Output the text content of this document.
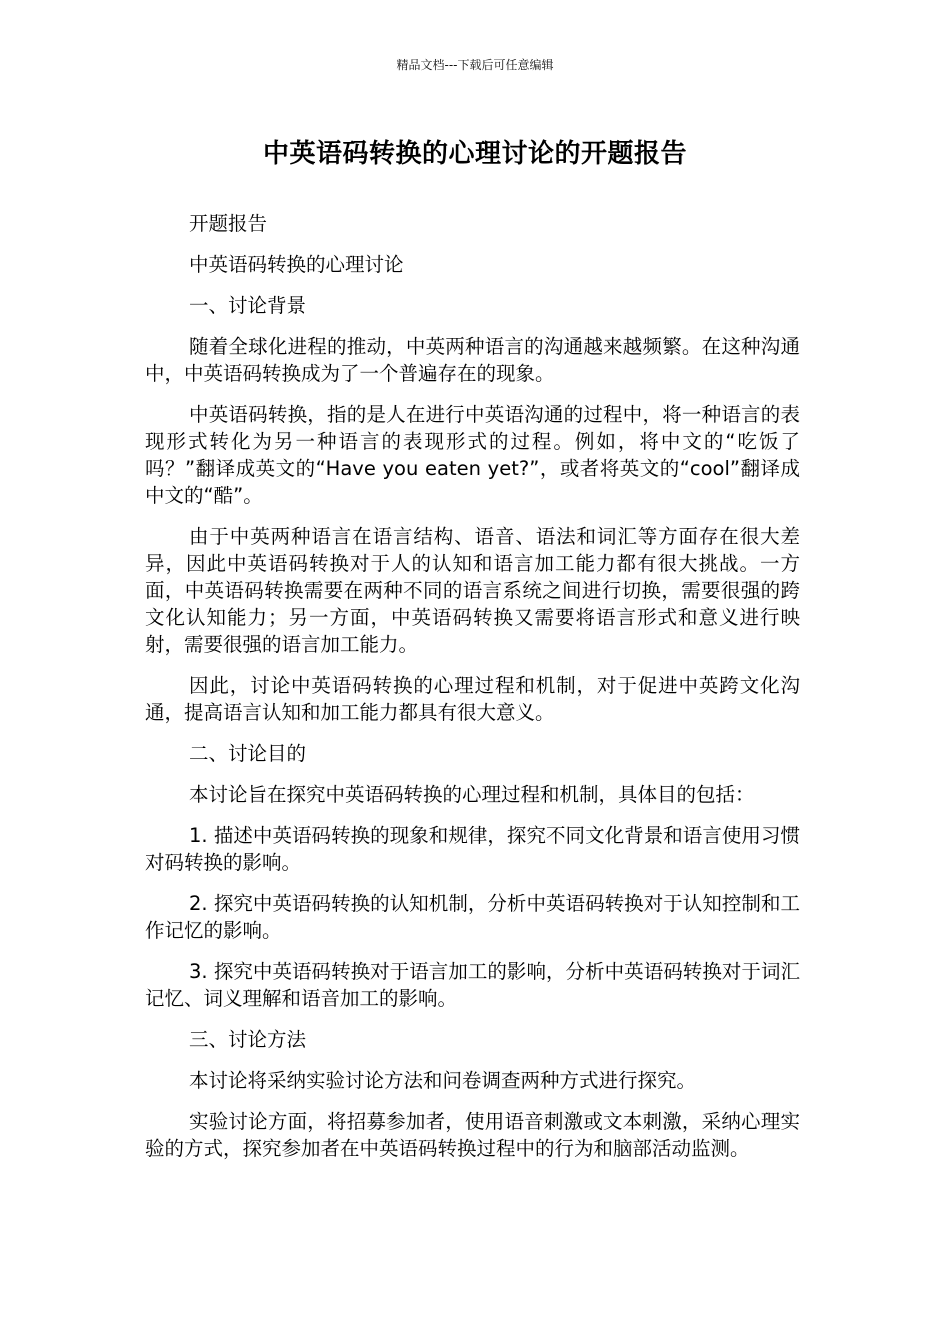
精品文档---下载后可任意编辑
中英语码转换的心理讨论的开题报告

开题报告

中英语码转换的心理讨论

一、讨论背景

随着全球化进程的推动，中英两种语言的沟通越来越频繁。在这种沟通中，中英语码转换成为了一个普遍存在的现象。

中英语码转换，指的是人在进行中英语沟通的过程中，将一种语言的表现形式转化为另一种语言的表现形式的过程。例如，将中文的“吃饭了吗？”翻译成英文的“Have you eaten yet?”，或者将英文的“cool”翻译成中文的“酷”。

由于中英两种语言在语言结构、语音、语法和词汇等方面存在很大差异，因此中英语码转换对于人的认知和语言加工能力都有很大挑战。一方面，中英语码转换需要在两种不同的语言系统之间进行切换，需要很强的跨文化认知能力；另一方面，中英语码转换又需要将语言形式和意义进行映射，需要很强的语言加工能力。

因此，讨论中英语码转换的心理过程和机制，对于促进中英跨文化沟通，提高语言认知和加工能力都具有很大意义。

二、讨论目的

本讨论旨在探究中英语码转换的心理过程和机制，具体目的包括：

1. 描述中英语码转换的现象和规律，探究不同文化背景和语言使用习惯对码转换的影响。

2. 探究中英语码转换的认知机制，分析中英语码转换对于认知控制和工作记忆的影响。

3. 探究中英语码转换对于语言加工的影响，分析中英语码转换对于词汇记忆、词义理解和语音加工的影响。

三、讨论方法

本讨论将采纳实验讨论方法和问卷调查两种方式进行探究。

实验讨论方面，将招募参加者，使用语音刺激或文本刺激，采纳心理实验的方式，探究参加者在中英语码转换过程中的行为和脑部活动监测。
